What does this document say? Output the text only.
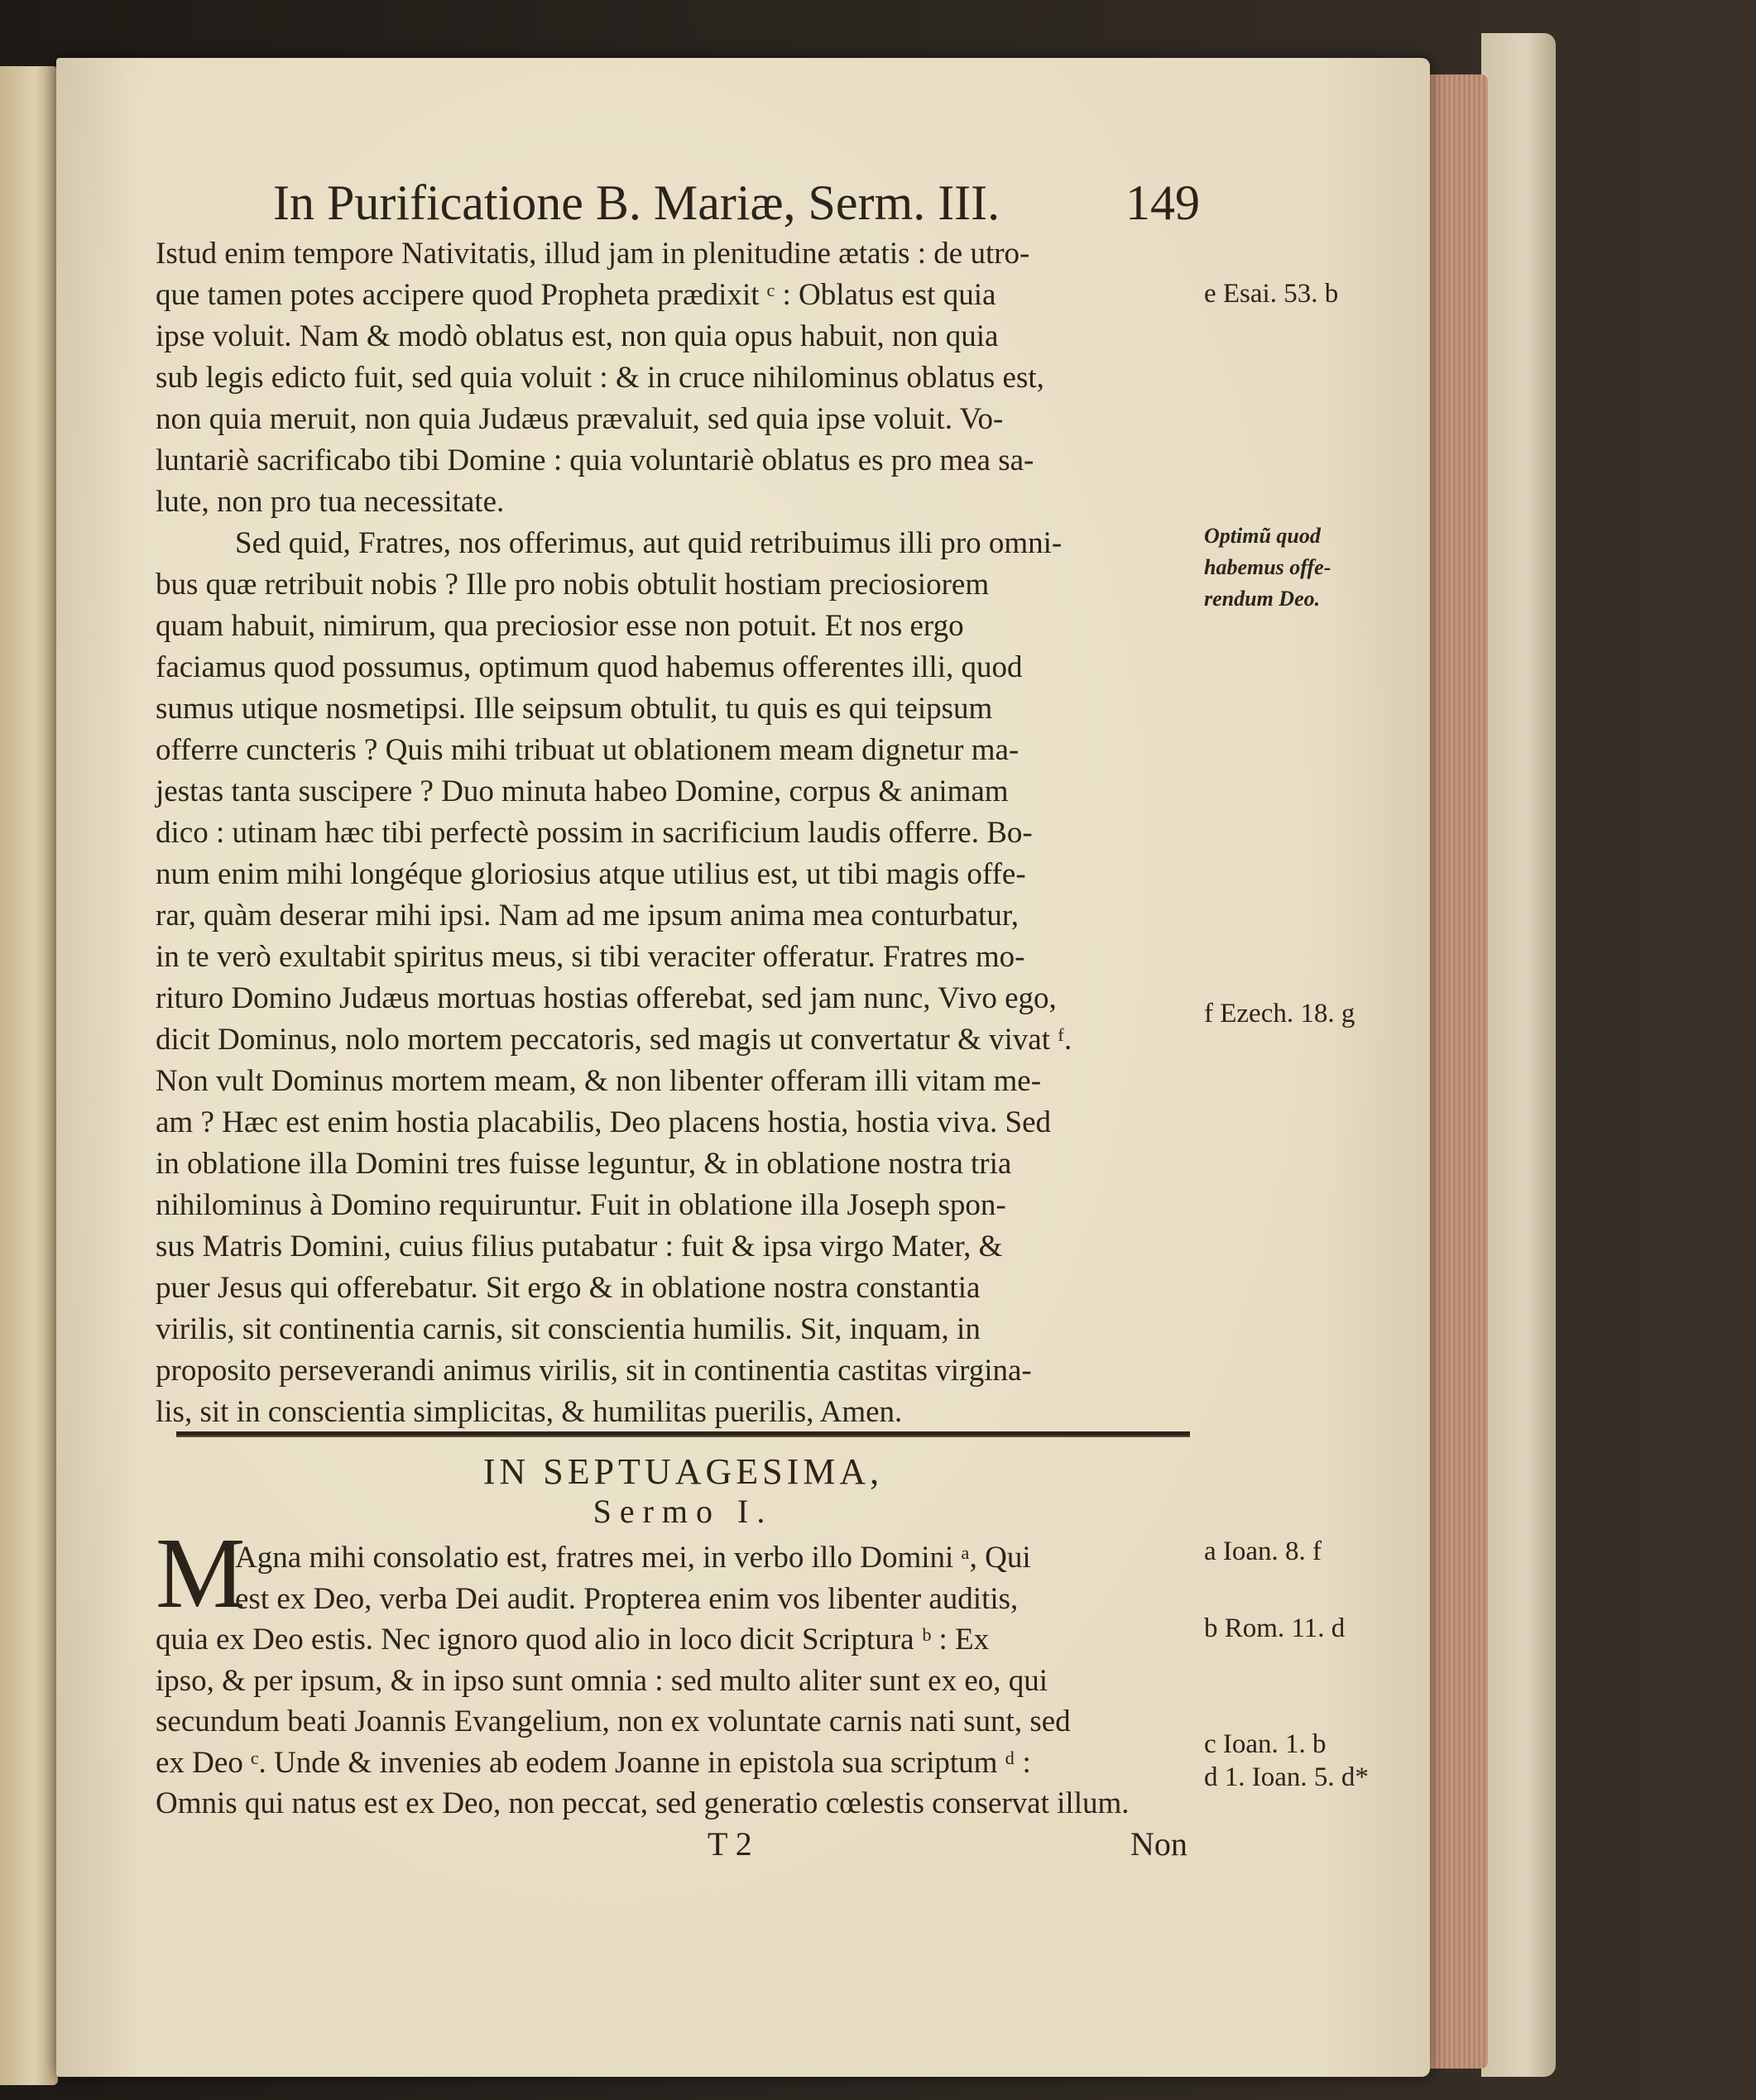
In Purificatione B. Mariæ, Serm. III.	149
Istud enim tempore Nativitatis, illud jam in plenitudine ætatis : de utro-
que tamen potes accipere quod Propheta prædixit ᶜ : Oblatus est quia
ipse voluit. Nam & modò oblatus est, non quia opus habuit, non quia
sub legis edicto fuit, sed quia voluit : & in cruce nihilominus oblatus est,
non quia meruit, non quia Judæus prævaluit, sed quia ipse voluit. Vo-
luntariè sacrificabo tibi Domine : quia voluntariè oblatus es pro mea sa-
lute, non pro tua necessitate.
Sed quid, Fratres, nos offerimus, aut quid retribuimus illi pro omni-
bus quæ retribuit nobis ? Ille pro nobis obtulit hostiam preciosiorem
quam habuit, nimirum, qua preciosior esse non potuit. Et nos ergo
faciamus quod possumus, optimum quod habemus offerentes illi, quod
sumus utique nosmetipsi. Ille seipsum obtulit, tu quis es qui teipsum
offerre cuncteris ? Quis mihi tribuat ut oblationem meam dignetur ma-
jestas tanta suscipere ? Duo minuta habeo Domine, corpus & animam
dico : utinam hæc tibi perfectè possim in sacrificium laudis offerre. Bo-
num enim mihi longéque gloriosius atque utilius est, ut tibi magis offe-
rar, quàm deserar mihi ipsi. Nam ad me ipsum anima mea conturbatur,
in te verò exultabit spiritus meus, si tibi veraciter offeratur. Fratres mo-
rituro Domino Judæus mortuas hostias offerebat, sed jam nunc, Vivo ego,
dicit Dominus, nolo mortem peccatoris, sed magis ut convertatur & vivat ᶠ.
Non vult Dominus mortem meam, & non libenter offeram illi vitam me-
am ? Hæc est enim hostia placabilis, Deo placens hostia, hostia viva. Sed
in oblatione illa Domini tres fuisse leguntur, & in oblatione nostra tria
nihilominus à Domino requiruntur. Fuit in oblatione illa Joseph spon-
sus Matris Domini, cuius filius putabatur : fuit & ipsa virgo Mater, &
puer Jesus qui offerebatur. Sit ergo & in oblatione nostra constantia
virilis, sit continentia carnis, sit conscientia humilis. Sit, inquam, in
proposito perseverandi animus virilis, sit in continentia castitas virgina-
lis, sit in conscientia simplicitas, & humilitas puerilis, Amen.
IN SEPTUAGESIMA,
Sermo I.
M
Agna mihi consolatio est, fratres mei, in verbo illo Domini ᵃ, Qui
est ex Deo, verba Dei audit. Propterea enim vos libenter auditis,
quia ex Deo estis. Nec ignoro quod alio in loco dicit Scriptura ᵇ : Ex
ipso, & per ipsum, & in ipso sunt omnia : sed multo aliter sunt ex eo, qui
secundum beati Joannis Evangelium, non ex voluntate carnis nati sunt, sed
ex Deo ᶜ. Unde & invenies ab eodem Joanne in epistola sua scriptum ᵈ :
Omnis qui natus est ex Deo, non peccat, sed generatio cœlestis conservat illum.
e Esai. 53. b
Optimũ quod
habemus offe-
rendum Deo.
f Ezech. 18. g
a Ioan. 8. f
b Rom. 11. d
c Ioan. 1. b
d 1. Ioan. 5. d*
T 2	Non
